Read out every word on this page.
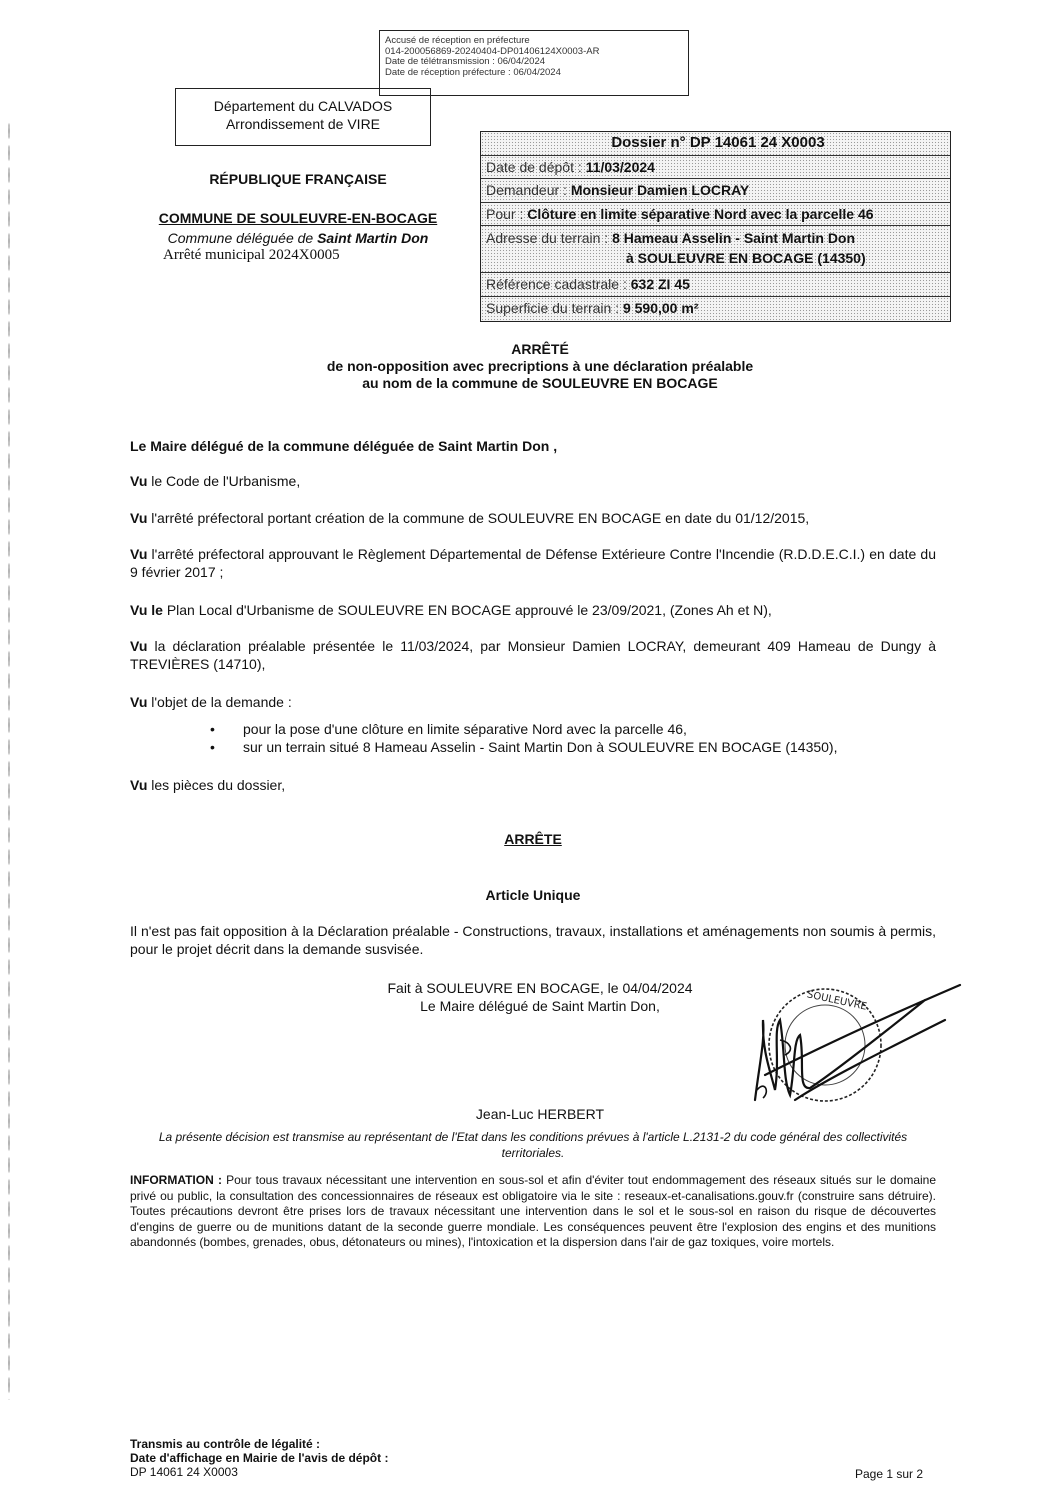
Accusé de réception en préfecture
014-200056869-20240404-DP01406124X0003-AR
Date de télétransmission : 06/04/2024
Date de réception préfecture : 06/04/2024
Département du CALVADOS
Arrondissement de VIRE
RÉPUBLIQUE FRANÇAISE
COMMUNE DE SOULEUVRE-EN-BOCAGE
Commune déléguée de Saint Martin Don
Arrêté municipal 2024X0005
Dossier n° DP 14061 24 X0003
Date de dépôt : 11/03/2024
Demandeur : Monsieur Damien LOCRAY
Pour : Clôture en limite séparative Nord avec la parcelle 46
Adresse du terrain : 8 Hameau Asselin - Saint Martin Don
à SOULEUVRE EN BOCAGE (14350)
Référence cadastrale : 632 ZI 45
Superficie du terrain : 9 590,00 m²
ARRÊTÉ
de non-opposition avec precriptions à une déclaration préalable
au nom de la commune de SOULEUVRE EN BOCAGE
Le Maire délégué de la commune déléguée de Saint Martin Don ,
Vu le Code de l'Urbanisme,
Vu l'arrêté préfectoral portant création de la commune de SOULEUVRE EN BOCAGE en date du 01/12/2015,
Vu l'arrêté préfectoral approuvant le Règlement Départemental de Défense Extérieure Contre l'Incendie (R.D.D.E.C.I.) en date du 9 février 2017 ;
Vu le Plan Local d'Urbanisme de SOULEUVRE EN BOCAGE approuvé le 23/09/2021, (Zones Ah et N),
Vu la déclaration préalable présentée le 11/03/2024, par Monsieur Damien LOCRAY, demeurant 409 Hameau de Dungy à TREVIÈRES (14710),
Vu l'objet de la demande :
• pour la pose d'une clôture en limite séparative Nord avec la parcelle 46,
• sur un terrain situé 8 Hameau Asselin - Saint Martin Don à SOULEUVRE EN BOCAGE (14350),
Vu les pièces du dossier,
ARRÊTE
Article Unique
Il n'est pas fait opposition à la Déclaration préalable - Constructions, travaux, installations et aménagements non soumis à permis, pour le projet décrit dans la demande susvisée.
Fait à SOULEUVRE EN BOCAGE, le 04/04/2024
Le Maire délégué de Saint Martin Don,	SOULEUVRE
Jean-Luc HERBERT
La présente décision est transmise au représentant de l'Etat dans les conditions prévues à l'article L.2131-2 du code général des collectivités territoriales.
INFORMATION : Pour tous travaux nécessitant une intervention en sous-sol et afin d'éviter tout endommagement des réseaux situés sur le domaine privé ou public, la consultation des concessionnaires de réseaux est obligatoire via le site : reseaux-et-canalisations.gouv.fr (construire sans détruire). Toutes précautions devront être prises lors de travaux nécessitant une intervention dans le sol et le sous-sol en raison du risque de découvertes d'engins de guerre ou de munitions datant de la seconde guerre mondiale. Les conséquences peuvent être l'explosion des engins et des munitions abandonnés (bombes, grenades, obus, détonateurs ou mines), l'intoxication et la dispersion dans l'air de gaz toxiques, voire mortels.
Transmis au contrôle de légalité :
Date d'affichage en Mairie de l'avis de dépôt :
DP 14061 24 X0003	Page 1 sur 2
